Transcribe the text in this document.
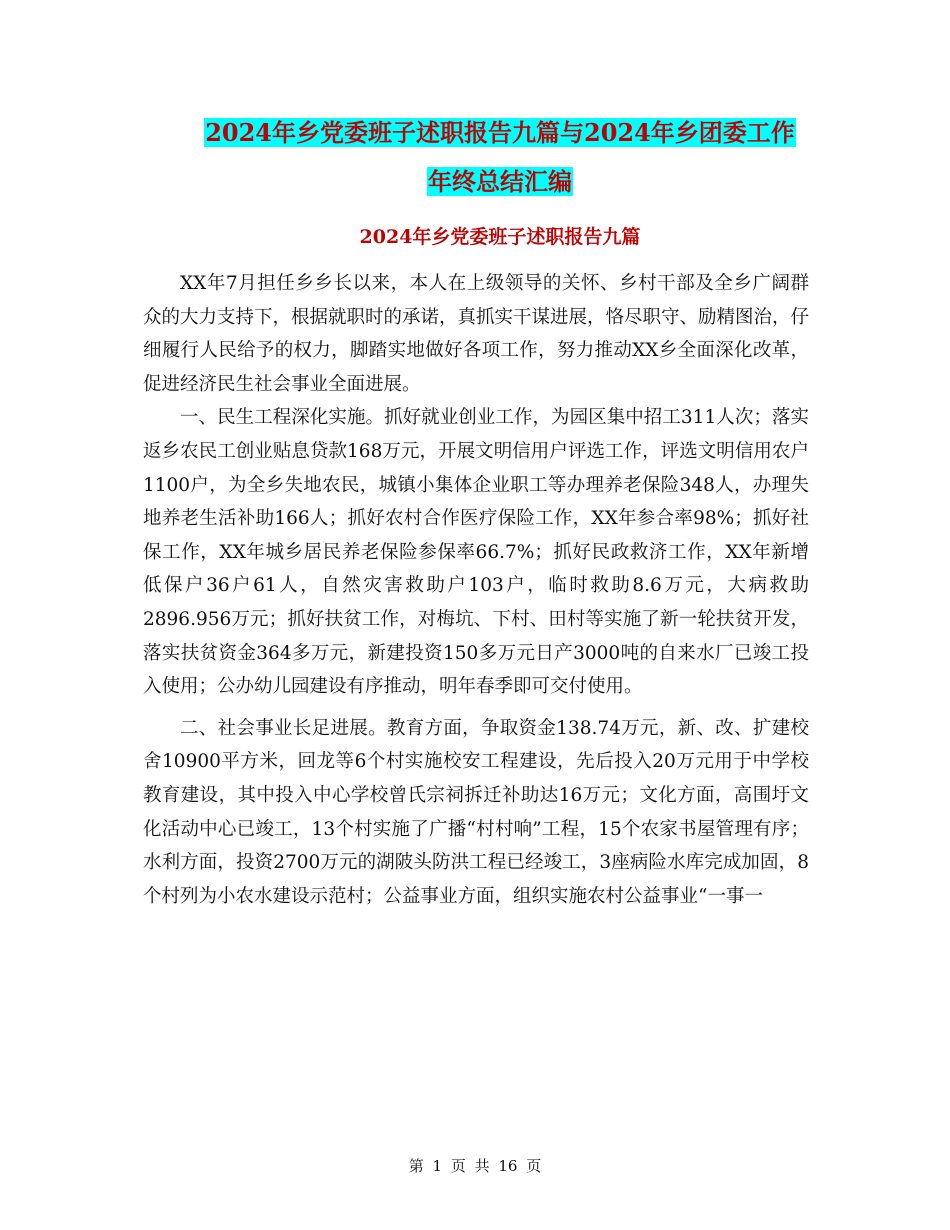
2024年乡党委班子述职报告九篇与2024年乡团委工作
年终总结汇编
2024年乡党委班子述职报告九篇

XX年7月担任乡乡长以来，本人在上级领导的关怀、乡村干部及全乡广阔群众的大力支持下，根据就职时的承诺，真抓实干谋进展，恪尽职守、励精图治，仔细履行人民给予的权力，脚踏实地做好各项工作，努力推动XX乡全面深化改革，促进经济民生社会事业全面进展。

一、民生工程深化实施。抓好就业创业工作，为园区集中招工311人次；落实返乡农民工创业贴息贷款168万元，开展文明信用户评选工作，评选文明信用农户1100户，为全乡失地农民，城镇小集体企业职工等办理养老保险348人，办理失地养老生活补助166人；抓好农村合作医疗保险工作，XX年参合率98%；抓好社保工作，XX年城乡居民养老保险参保率66.7%；抓好民政救济工作，XX年新增低保户36户61人，自然灾害救助户103户，临时救助8.6万元，大病救助2896.956万元；抓好扶贫工作，对梅坑、下村、田村等实施了新一轮扶贫开发，落实扶贫资金364多万元，新建投资150多万元日产3000吨的自来水厂已竣工投入使用；公办幼儿园建设有序推动，明年春季即可交付使用。

二、社会事业长足进展。教育方面，争取资金138.74万元，新、改、扩建校舍10900平方米，回龙等6个村实施校安工程建设，先后投入20万元用于中学校教育建设，其中投入中心学校曾氏宗祠拆迁补助达16万元；文化方面，高围圩文化活动中心已竣工，13个村实施了广播“村村响”工程，15个农家书屋管理有序；水利方面，投资2700万元的湖陂头防洪工程已经竣工，3座病险水库完成加固，8个村列为小农水建设示范村；公益事业方面，组织实施农村公益事业“一事一

第 1 页 共 16 页
